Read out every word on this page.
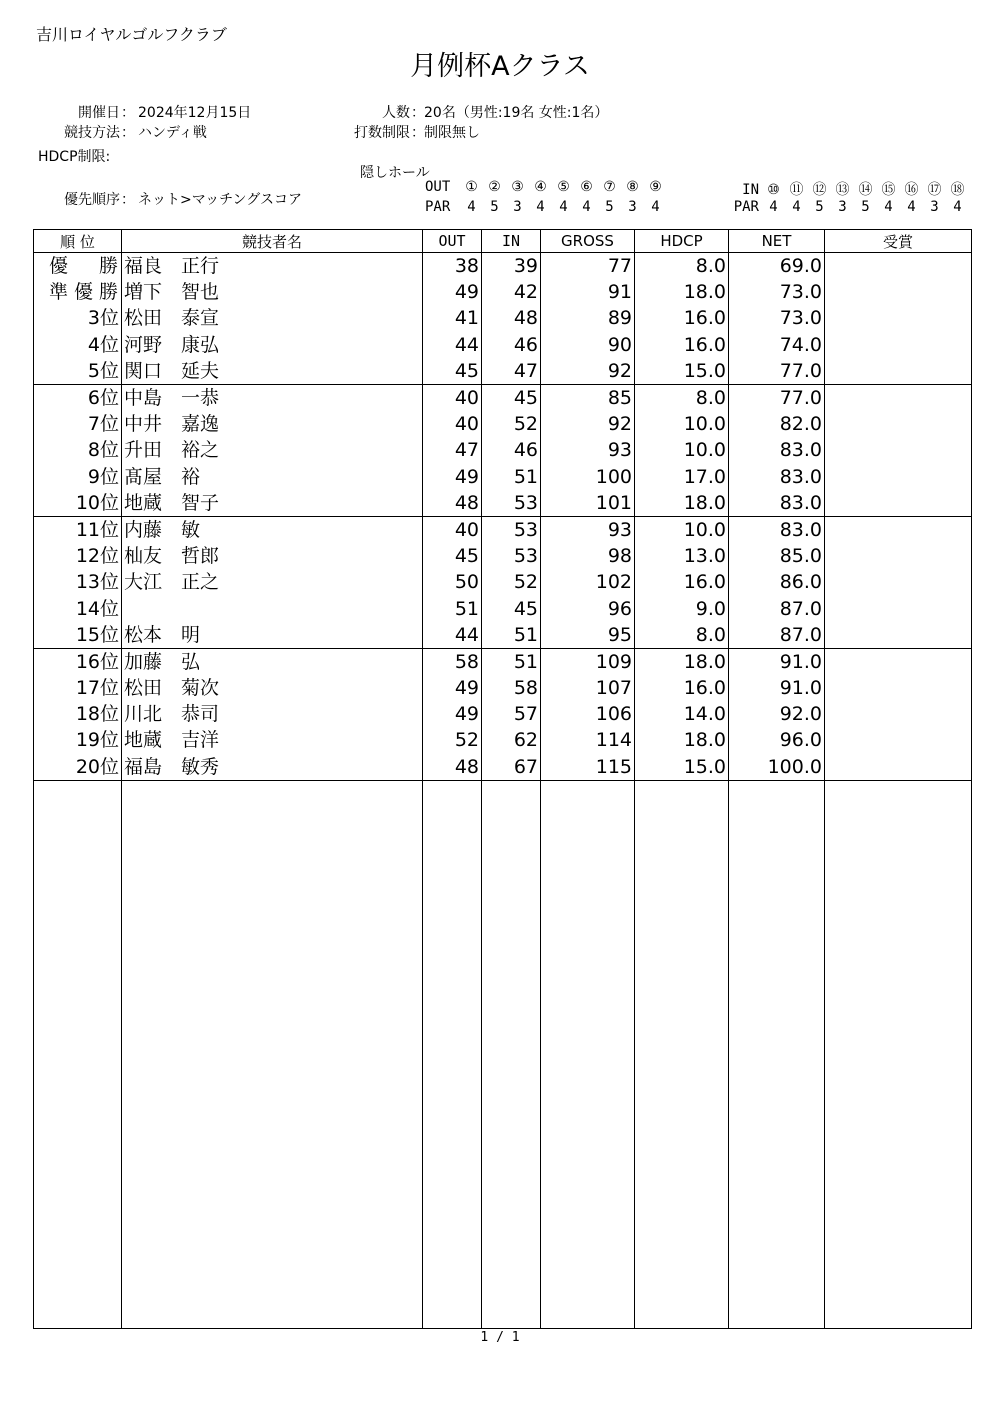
吉川ロイヤルゴルフクラブ
月例杯Aクラス
開催日 ： 2024年12月15日
競技方法 ： ハンディ戦
HDCP制限:
優先順序 ： ネット>マッチングスコア
人数 ： 20名（男性:19名 女性:1名）
打数制限 ： 制限無し
隠しホール
OUT ① ② ③ ④ ⑤ ⑥ ⑦ ⑧ ⑨
PAR 4 5 3 4 4 4 5 3 4
IN ⑩ ⑪ ⑫ ⑬ ⑭ ⑮ ⑯ ⑰ ⑱
PAR 4 4 5 3 5 4 4 3 4
順 位	競技者名	OUT	IN	GROSS	HDCP	NET	受賞
優　勝	福良　正行	38	39	77	8.0	69.0	
準優勝	増下　智也	49	42	91	18.0	73.0	
3位	松田　泰宣	41	48	89	16.0	73.0	
4位	河野　康弘	44	46	90	16.0	74.0	
5位	関口　延夫	45	47	92	15.0	77.0	
6位	中島　一恭	40	45	85	8.0	77.0	
7位	中井　嘉逸	40	52	92	10.0	82.0	
8位	升田　裕之	47	46	93	10.0	83.0	
9位	髙屋　裕	49	51	100	17.0	83.0	
10位	地蔵　智子	48	53	101	18.0	83.0	
11位	内藤　敏	40	53	93	10.0	83.0	
12位	杣友　哲郎	45	53	98	13.0	85.0	
13位	大江　正之	50	52	102	16.0	86.0	
14位		51	45	96	9.0	87.0	
15位	松本　明	44	51	95	8.0	87.0	
16位	加藤　弘	58	51	109	18.0	91.0	
17位	松田　菊次	49	58	107	16.0	91.0	
18位	川北　恭司	49	57	106	14.0	92.0	
19位	地蔵　吉洋	52	62	114	18.0	96.0	
20位	福島　敏秀	48	67	115	15.0	100.0	

1 / 1
